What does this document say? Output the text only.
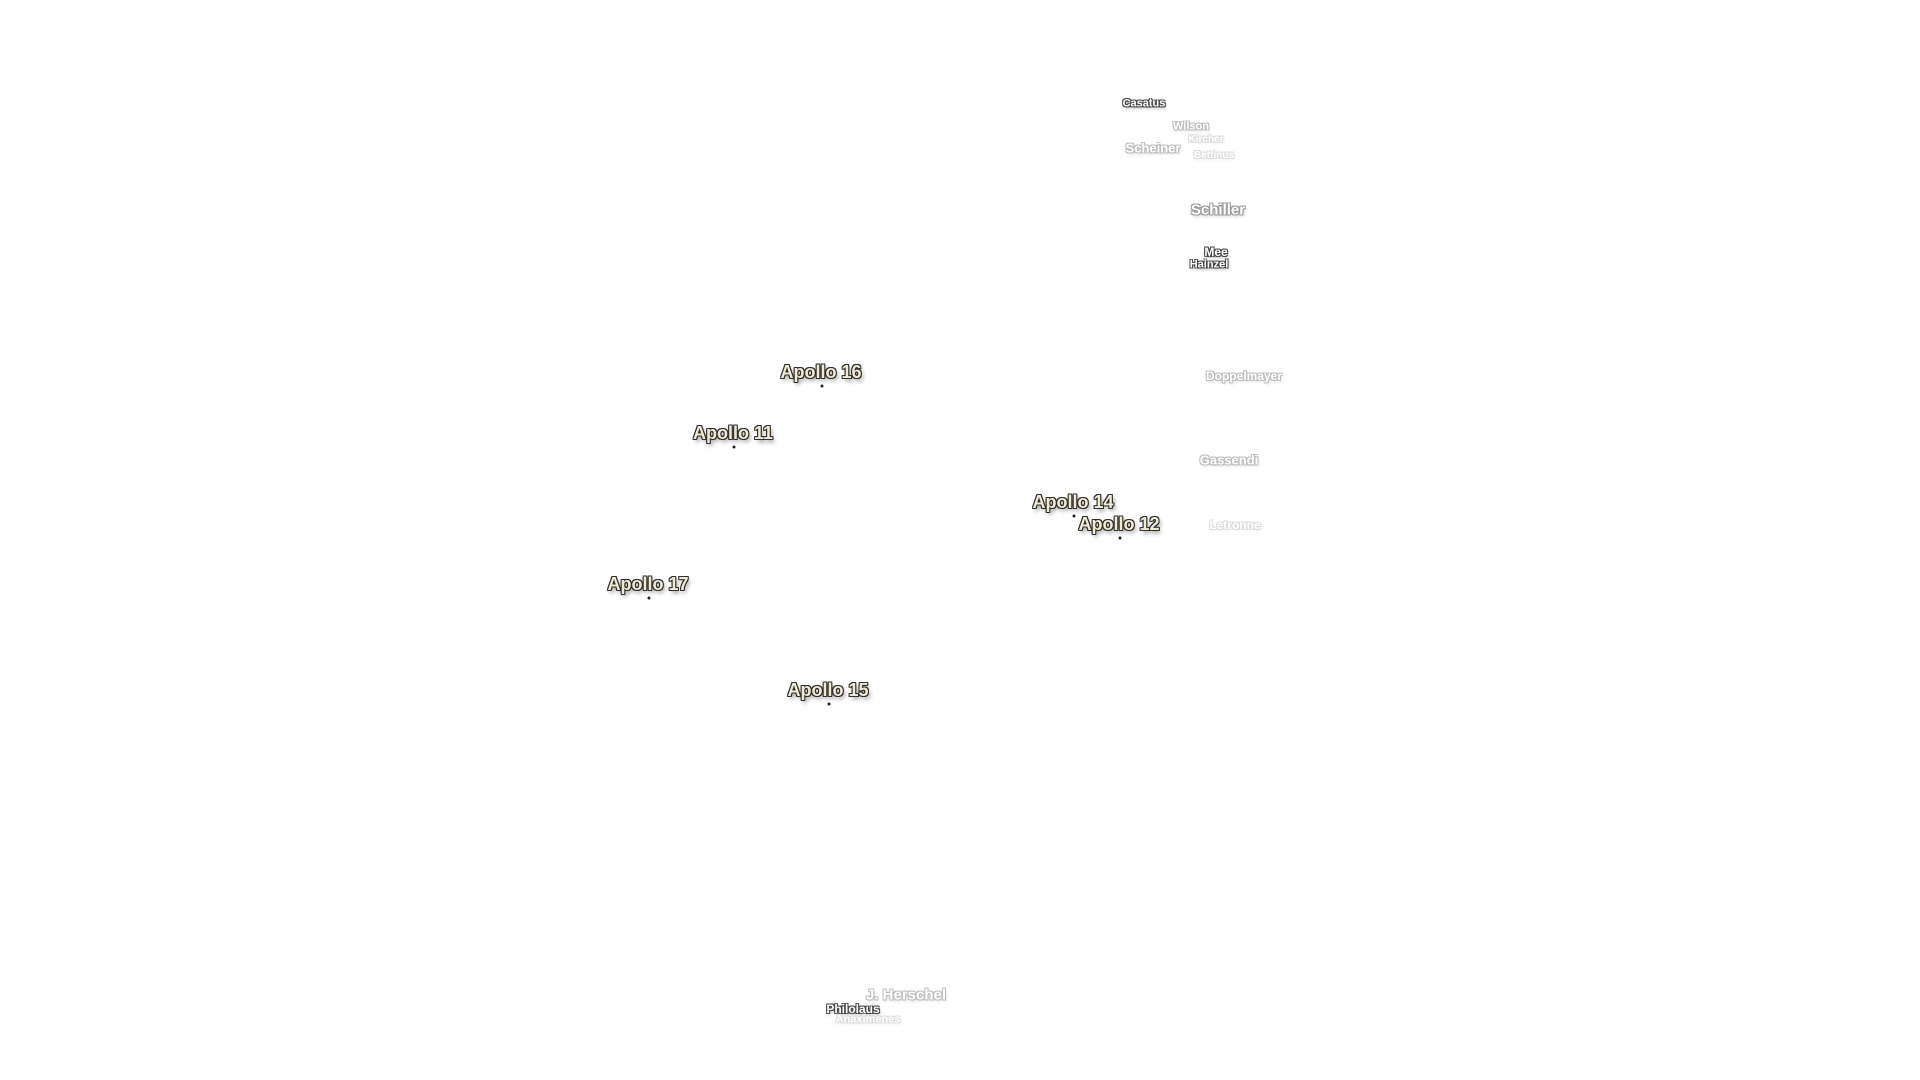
Casatus
Wilson
Kircher
Scheiner Bettinus
Schiller
Mee
Hainzel
Doppelmayer
Gassendi
Letronne
J. Herschel
Philolaus
Anaximenes
Apollo 16
Apollo 11
Apollo 14
Apollo 12
Apollo 17
Apollo 15
